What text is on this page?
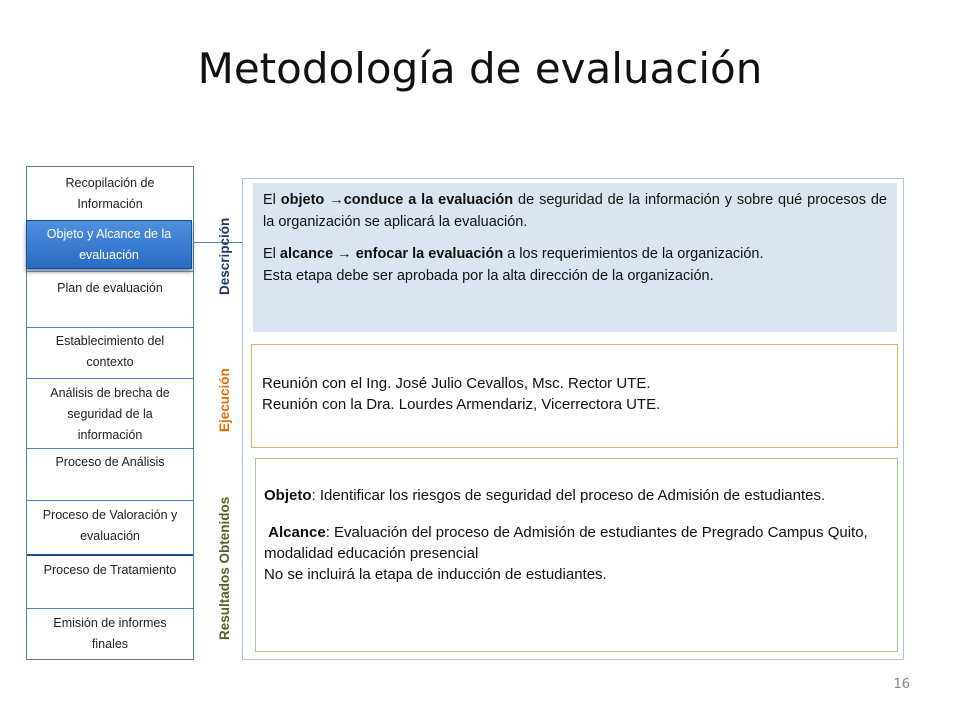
Metodología de evaluación
Recopilación de Información
Objeto y Alcance de la evaluación
Plan de evaluación
Establecimiento del contexto
Análisis de brecha de seguridad de la información
Proceso de Análisis
Proceso de Valoración y evaluación
Proceso de Tratamiento
Emisión de informes finales
Descripción
Ejecución
Resultados Obtenidos

El objeto →conduce a la evaluación de seguridad de la información y sobre qué procesos de la organización se aplicará la evaluación.

El alcance → enfocar la evaluación a los requerimientos de la organización.

Esta etapa debe ser aprobada por la alta dirección de la organización.

Reunión con el Ing. José Julio Cevallos, Msc. Rector UTE.
Reunión con la Dra. Lourdes Armendariz, Vicerrectora UTE.

Objeto: Identificar los riesgos de seguridad del proceso de Admisión de estudiantes.

Alcance: Evaluación del proceso de Admisión de estudiantes de Pregrado Campus Quito, modalidad educación presencial

No se incluirá la etapa de inducción de estudiantes.

16
